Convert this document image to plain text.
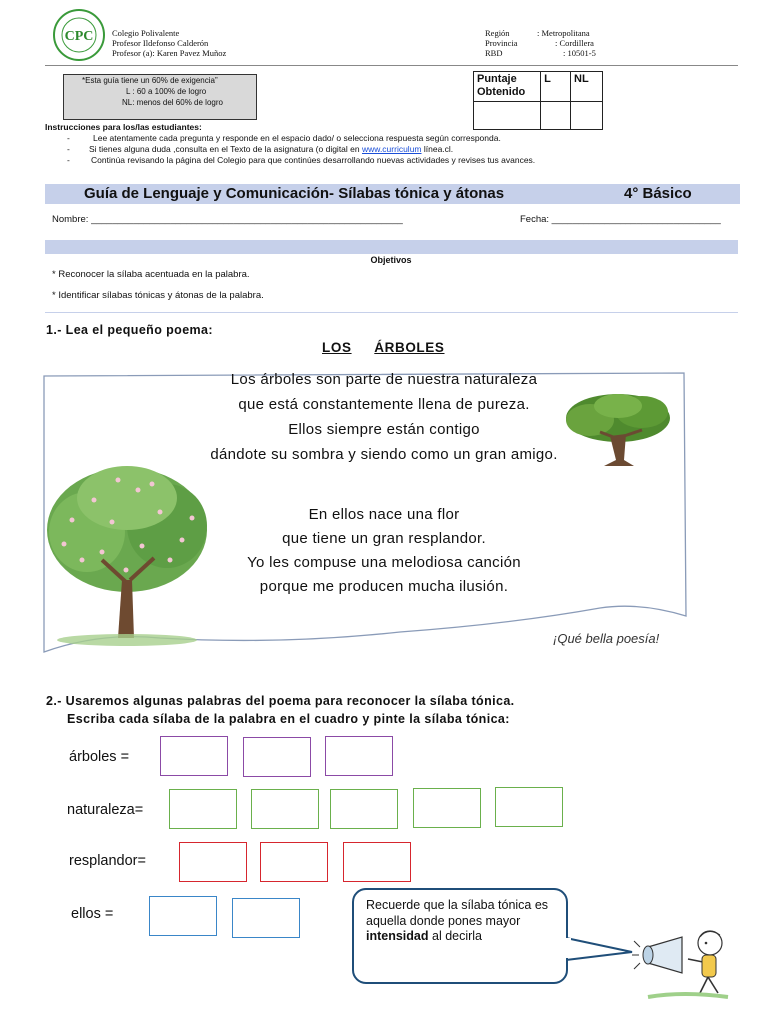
CPC Colegio Polivalente
Profesor Ildefonso Calderón
Profesor (a): Karen Pavez Muñoz
Región	: Metropolitana
Provincia	: Cordillera
RBD	: 10501-5
*Esta guía tiene un 60% de exigencia”
L : 60 a 100% de logro
NL: menos del 60% de logro
Puntaje Obtenido	L	NL

Instrucciones para los/las estudiantes:
-	Lee atentamente cada pregunta y responde en el espacio dado/ o selecciona respuesta según corresponda.
- Si tienes alguna duda ,consulta en el Texto de la asignatura (o digital en www.curriculum línea.cl.
- Continúa revisando la página del Colegio para que continúes desarrollando nuevas actividades y revises tus avances.
Guía de Lenguaje y Comunicación- Sílabas tónica y átonas	4° Básico
Nombre: ___________________________________________________________	Fecha: ________________________________
Objetivos
* Reconocer la sílaba acentuada en la palabra.
* Identificar sílabas tónicas y átonas de la palabra.
1.- Lea el pequeño poema:
LOS ÁRBOLES
Los árboles son parte de nuestra naturaleza
que está constantemente llena de pureza.
Ellos siempre están contigo
dándote su sombra y siendo como un gran amigo.
En ellos nace una flor
que tiene un gran resplandor.
Yo les compuse una melodiosa canción
porque me producen mucha ilusión.
¡Qué bella poesía!
2.- Usaremos algunas palabras del poema para reconocer la sílaba tónica.
Escriba cada sílaba de la palabra en el cuadro y pinte la sílaba tónica:
árboles =
naturaleza=
resplandor=
ellos =
Recuerde que la sílaba tónica es aquella donde pones mayor intensidad al decirla
